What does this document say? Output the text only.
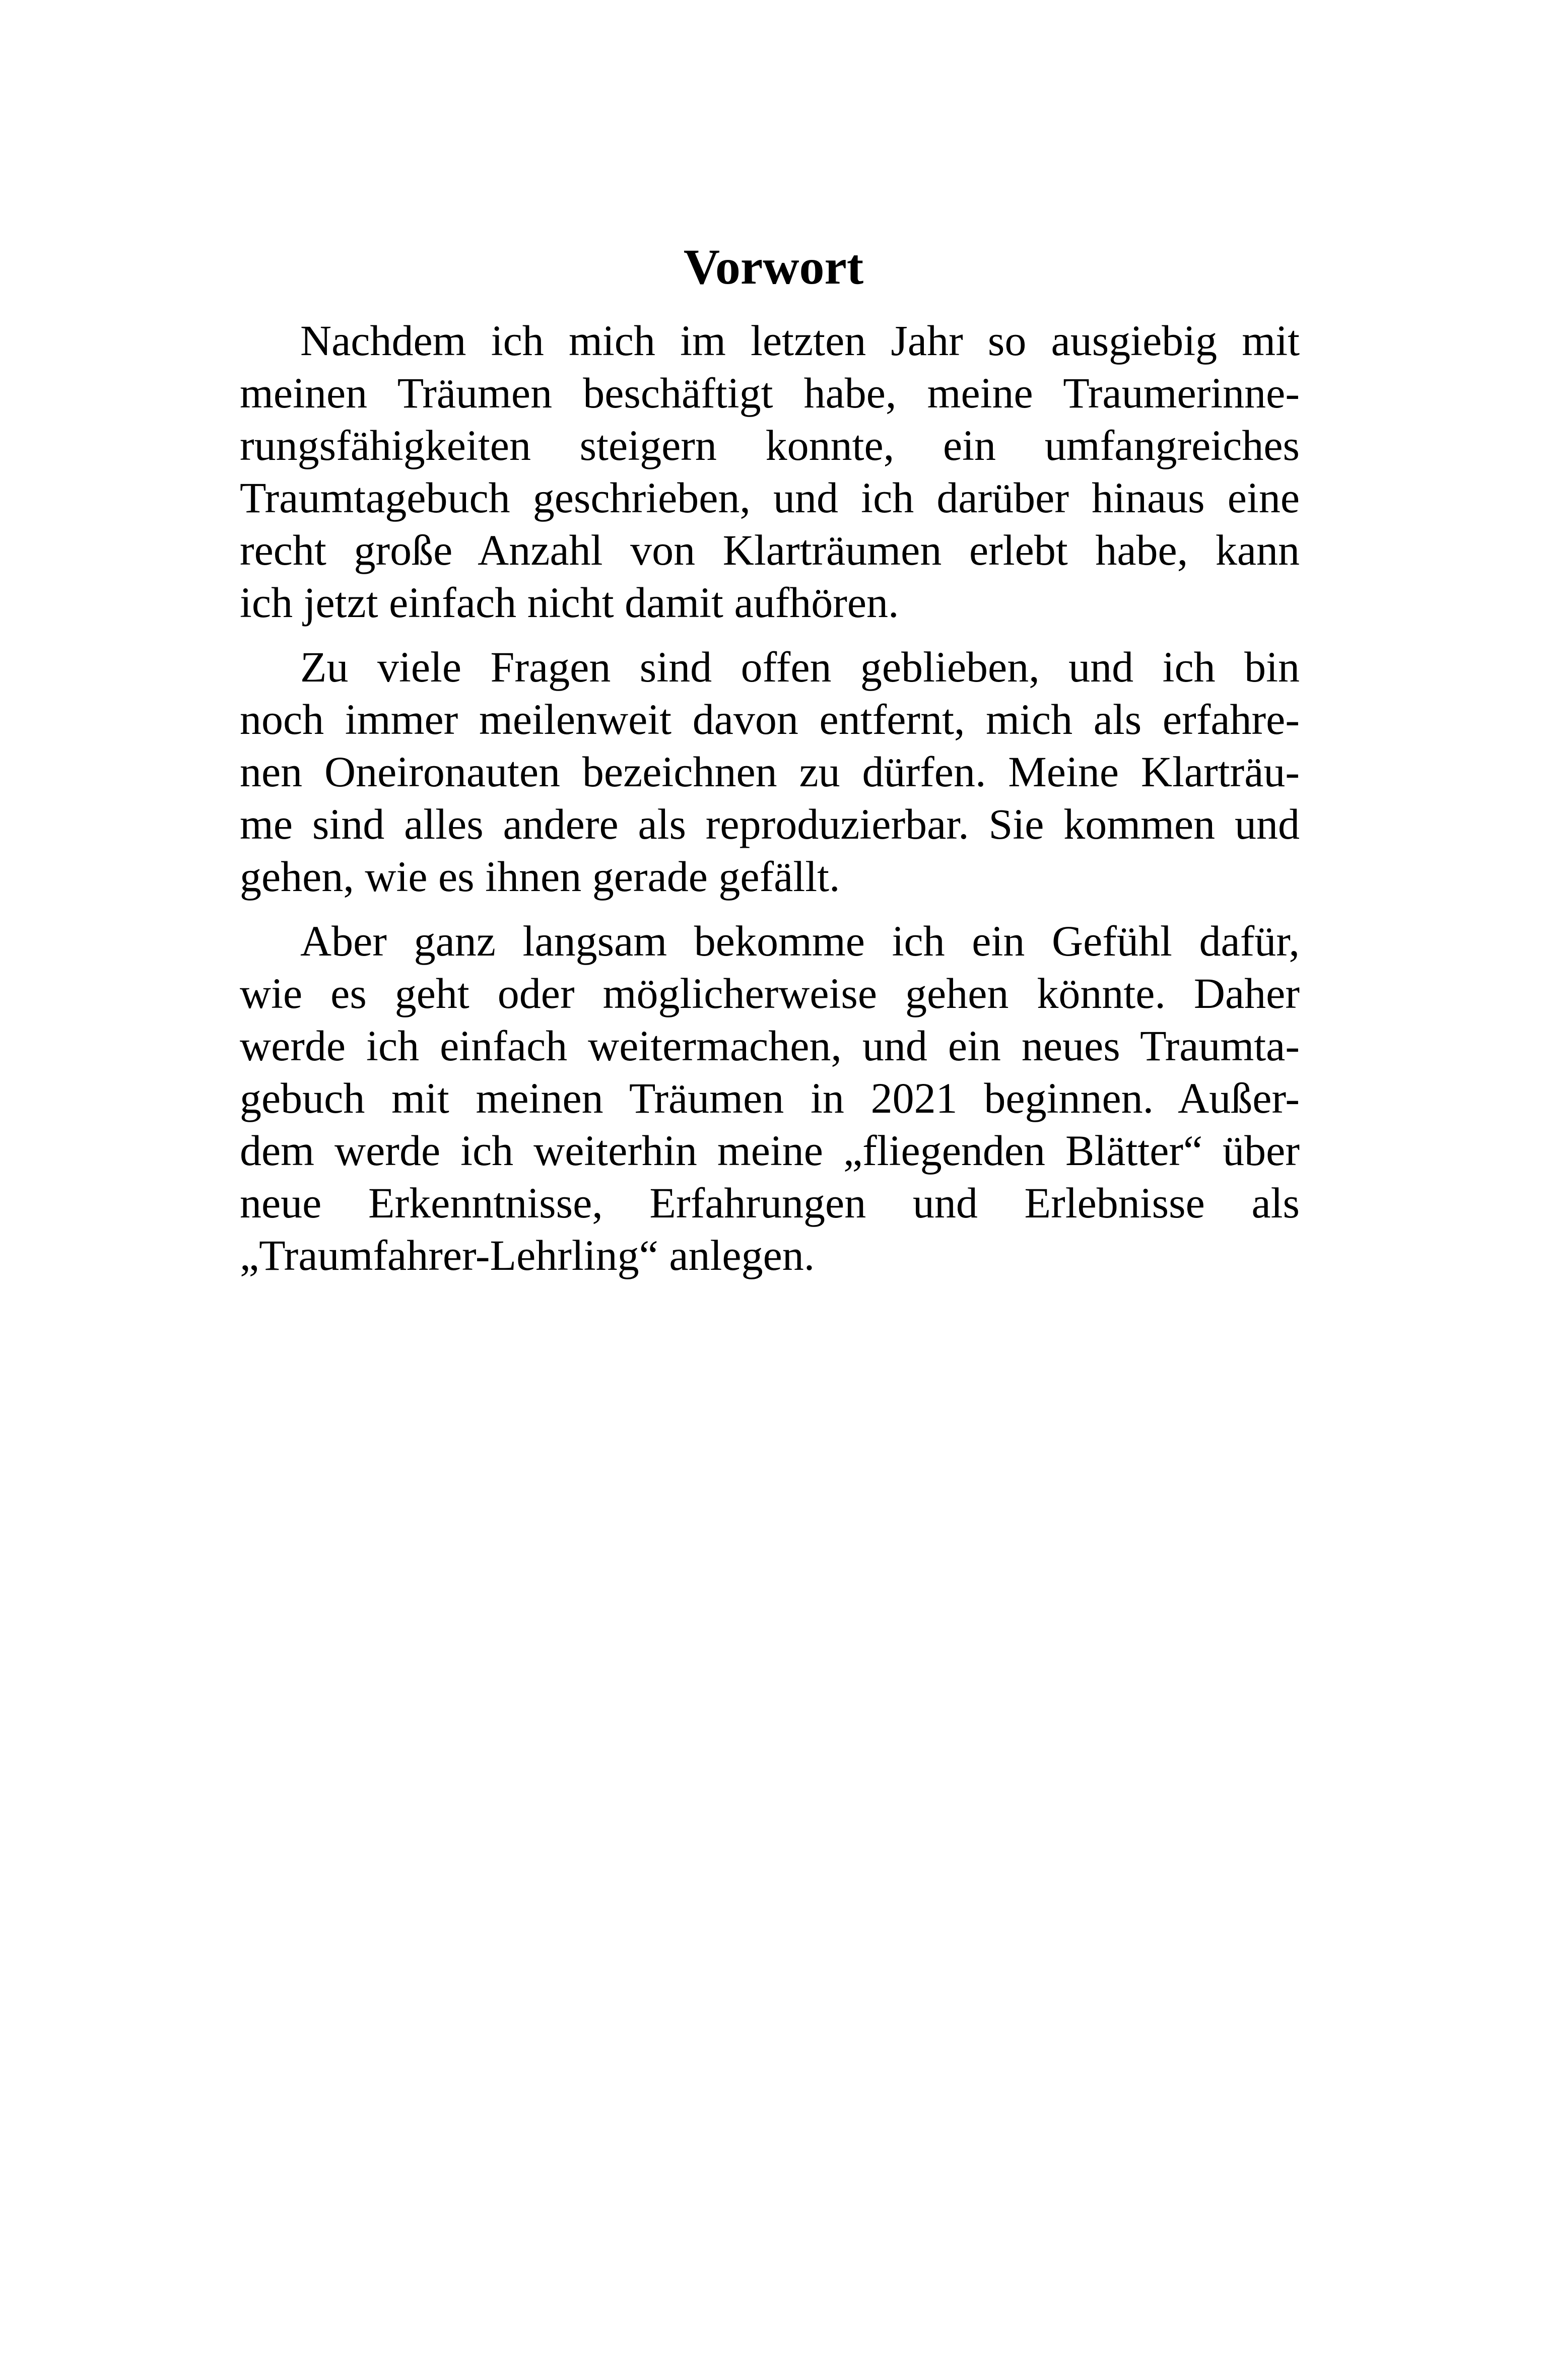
Vorwort

Nachdem ich mich im letzten Jahr so ausgiebig mit

meinen Träumen beschäftigt habe, meine Traumerinne-

rungsfähigkeiten steigern konnte, ein umfangreiches

Traumtagebuch geschrieben, und ich darüber hinaus eine

recht große Anzahl von Klarträumen erlebt habe, kann

ich jetzt einfach nicht damit aufhören.

Zu viele Fragen sind offen geblieben, und ich bin

noch immer meilenweit davon entfernt, mich als erfahre-

nen Oneironauten bezeichnen zu dürfen. Meine Klarträu-

me sind alles andere als reproduzierbar. Sie kommen und

gehen, wie es ihnen gerade gefällt.

Aber ganz langsam bekomme ich ein Gefühl dafür,

wie es geht oder möglicherweise gehen könnte. Daher

werde ich einfach weitermachen, und ein neues Traumta-

gebuch mit meinen Träumen in 2021 beginnen. Außer-

dem werde ich weiterhin meine „fliegenden Blätter“ über

neue Erkenntnisse, Erfahrungen und Erlebnisse als

„Traumfahrer-Lehrling“ anlegen.
